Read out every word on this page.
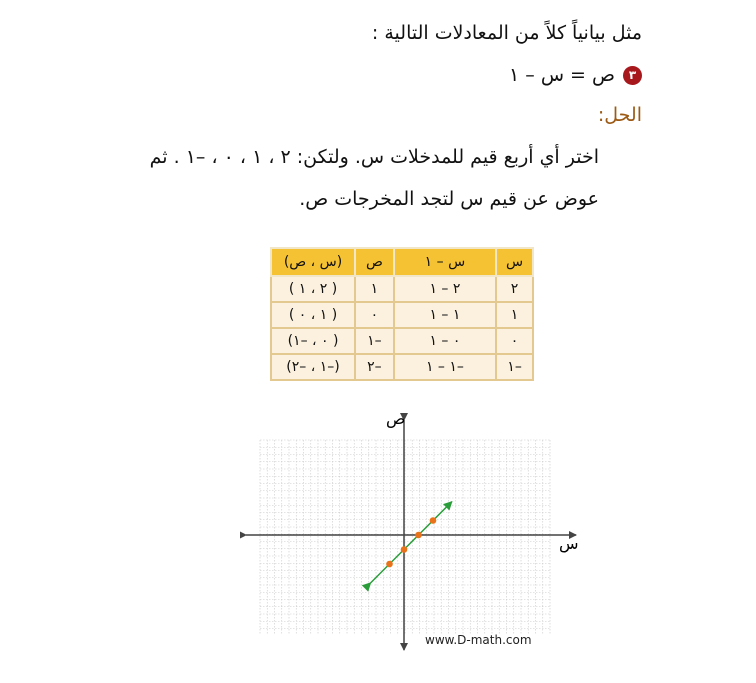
مثل بيانياً كلاً من المعادلات التالية :
٣
ص = س – ١
الحل:
اختر أي أربع قيم للمدخلات س. ولتكن: ٢ ، ١ ، ٠ ، –١ . ثم
عوض عن قيم س لتجد المخرجات ص.
س	س – ١	ص	(س ، ص)
٢	٢ – ١	١	( ٢ ، ١ )
١	١ – ١	٠	( ١ ، ٠ )
٠	٠ – ١	–١	( ٠ ، –١)
–١	–١ – ١	–٢	(–١ ، –٢)
س
ص
www.D-math.com
